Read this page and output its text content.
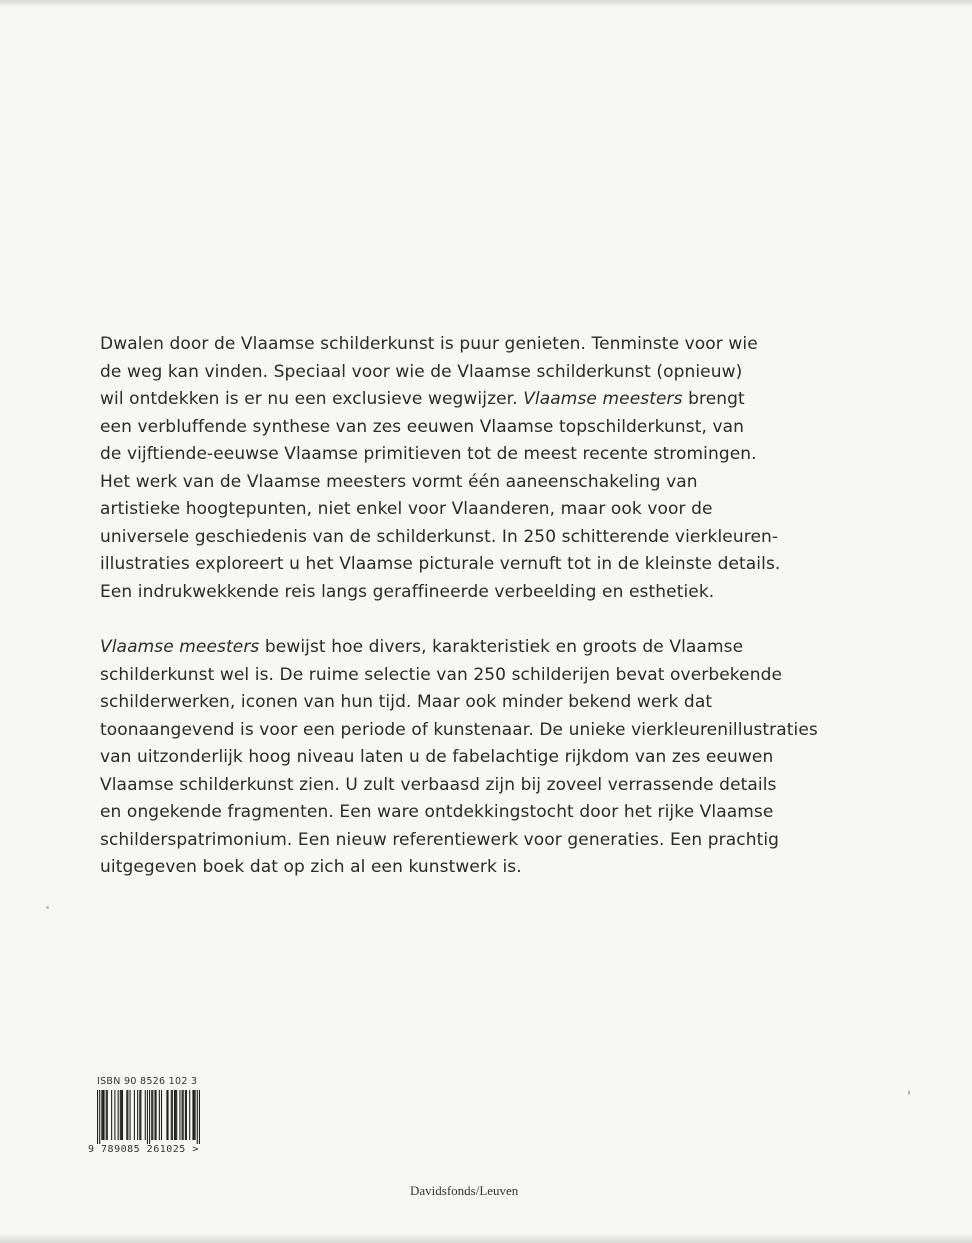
Dwalen door de Vlaamse schilderkunst is puur genieten. Tenminste voor wie
de weg kan vinden. Speciaal voor wie de Vlaamse schilderkunst (opnieuw)
wil ontdekken is er nu een exclusieve wegwijzer. Vlaamse meesters brengt
een verbluffende synthese van zes eeuwen Vlaamse topschilderkunst, van
de vijftiende-eeuwse Vlaamse primitieven tot de meest recente stromingen.
Het werk van de Vlaamse meesters vormt één aaneenschakeling van
artistieke hoogtepunten, niet enkel voor Vlaanderen, maar ook voor de
universele geschiedenis van de schilderkunst. In 250 schitterende vierkleuren-
illustraties exploreert u het Vlaamse picturale vernuft tot in de kleinste details.
Een indrukwekkende reis langs geraffineerde verbeelding en esthetiek.
Vlaamse meesters bewijst hoe divers, karakteristiek en groots de Vlaamse
schilderkunst wel is. De ruime selectie van 250 schilderijen bevat overbekende
schilderwerken, iconen van hun tijd. Maar ook minder bekend werk dat
toonaangevend is voor een periode of kunstenaar. De unieke vierkleurenillustraties
van uitzonderlijk hoog niveau laten u de fabelachtige rijkdom van zes eeuwen
Vlaamse schilderkunst zien. U zult verbaasd zijn bij zoveel verrassende details
en ongekende fragmenten. Een ware ontdekkingstocht door het rijke Vlaamse
schilderspatrimonium. Een nieuw referentiewerk voor generaties. Een prachtig
uitgegeven boek dat op zich al een kunstwerk is.
ISBN 90 8526 102 3
9 789085 261025 >
Davidsfonds/Leuven
